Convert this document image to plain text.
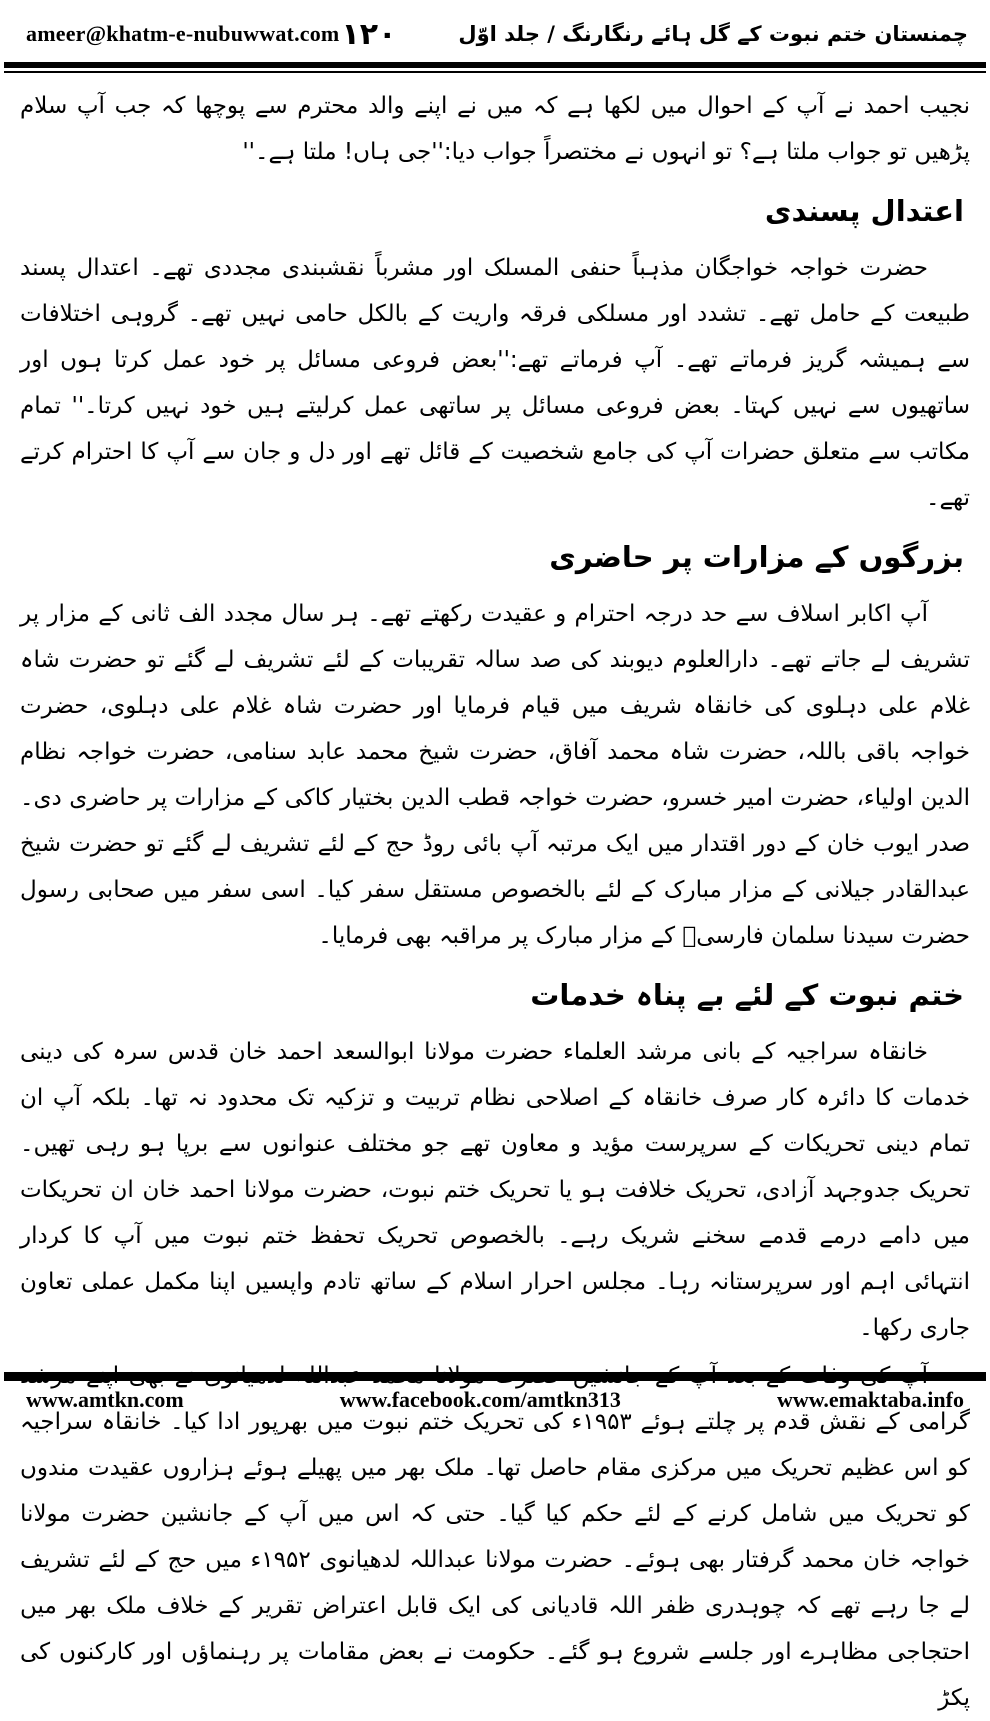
ameer@khatm-e-nubuwwat.com ۱۲۰	چمنستان ختم نبوت کے گل ہائے رنگارنگ / جلد اوّل

نجیب احمد نے آپ کے احوال میں لکھا ہے کہ میں نے اپنے والد محترم سے پوچھا کہ جب آپ سلام پڑھیں تو جواب ملتا ہے؟ تو انہوں نے مختصراً جواب دیا:''جی ہاں! ملتا ہے۔''

اعتدال پسندی

حضرت خواجہ خواجگان مذہباً حنفی المسلک اور مشرباً نقشبندی مجددی تھے۔ اعتدال پسند طبیعت کے حامل تھے۔ تشدد اور مسلکی فرقہ واریت کے بالکل حامی نہیں تھے۔ گروہی اختلافات سے ہمیشہ گریز فرماتے تھے۔ آپ فرماتے تھے:''بعض فروعی مسائل پر خود عمل کرتا ہوں اور ساتھیوں سے نہیں کہتا۔ بعض فروعی مسائل پر ساتھی عمل کرلیتے ہیں خود نہیں کرتا۔'' تمام مکاتب سے متعلق حضرات آپ کی جامع شخصیت کے قائل تھے اور دل و جان سے آپ کا احترام کرتے تھے۔

بزرگوں کے مزارات پر حاضری

آپ اکابر اسلاف سے حد درجہ احترام و عقیدت رکھتے تھے۔ ہر سال مجدد الف ثانی کے مزار پر تشریف لے جاتے تھے۔ دارالعلوم دیوبند کی صد سالہ تقریبات کے لئے تشریف لے گئے تو حضرت شاہ غلام علی دہلوی کی خانقاہ شریف میں قیام فرمایا اور حضرت شاہ غلام علی دہلوی، حضرت خواجہ باقی باللہ، حضرت شاہ محمد آفاق، حضرت شیخ محمد عابد سنامی، حضرت خواجہ نظام الدین اولیاء، حضرت امیر خسرو، حضرت خواجہ قطب الدین بختیار کاکی کے مزارات پر حاضری دی۔ صدر ایوب خان کے دور اقتدار میں ایک مرتبہ آپ بائی روڈ حج کے لئے تشریف لے گئے تو حضرت شیخ عبدالقادر جیلانی کے مزار مبارک کے لئے بالخصوص مستقل سفر کیا۔ اسی سفر میں صحابی رسول حضرت سیدنا سلمان فارسیؓ کے مزار مبارک پر مراقبہ بھی فرمایا۔

ختم نبوت کے لئے بے پناہ خدمات

خانقاہ سراجیہ کے بانی مرشد العلماء حضرت مولانا ابوالسعد احمد خان قدس سرہ کی دینی خدمات کا دائرہ کار صرف خانقاہ کے اصلاحی نظام تربیت و تزکیہ تک محدود نہ تھا۔ بلکہ آپ ان تمام دینی تحریکات کے سرپرست مؤید و معاون تھے جو مختلف عنوانوں سے برپا ہو رہی تھیں۔ تحریک جدوجہد آزادی، تحریک خلافت ہو یا تحریک ختم نبوت، حضرت مولانا احمد خان ان تحریکات میں دامے درمے قدمے سخنے شریک رہے۔ بالخصوص تحریک تحفظ ختم نبوت میں آپ کا کردار انتہائی اہم اور سرپرستانہ رہا۔ مجلس احرار اسلام کے ساتھ تادم واپسیں اپنا مکمل عملی تعاون جاری رکھا۔

گرامی کے نقش قدم پر چلتے ہوئے ۱۹۵۳ء کی تحریک ختم نبوت میں بھرپور ادا کیا۔ خانقاہ سراجیہ کو اس عظیم تحریک میں مرکزی مقام حاصل تھا۔ ملک بھر میں پھیلے ہوئے ہزاروں عقیدت مندوں کو تحریک میں شامل کرنے کے لئے حکم کیا گیا۔ حتی کہ اس میں آپ کے جانشین حضرت مولانا خواجہ خان محمد گرفتار بھی ہوئے۔ حضرت مولانا عبداللہ لدھیانوی ۱۹۵۲ء میں حج کے لئے تشریف لے جا رہے تھے کہ چوہدری ظفر اللہ قادیانی کی ایک قابل اعتراض تقریر کے خلاف ملک بھر میں احتجاجی مظاہرے اور جلسے شروع ہو گئے۔ حکومت نے بعض مقامات پر رہنماؤں اور کارکنوں کی پکڑ

www.amtkn.com	www.facebook.com/amtkn313	www.emaktaba.info
